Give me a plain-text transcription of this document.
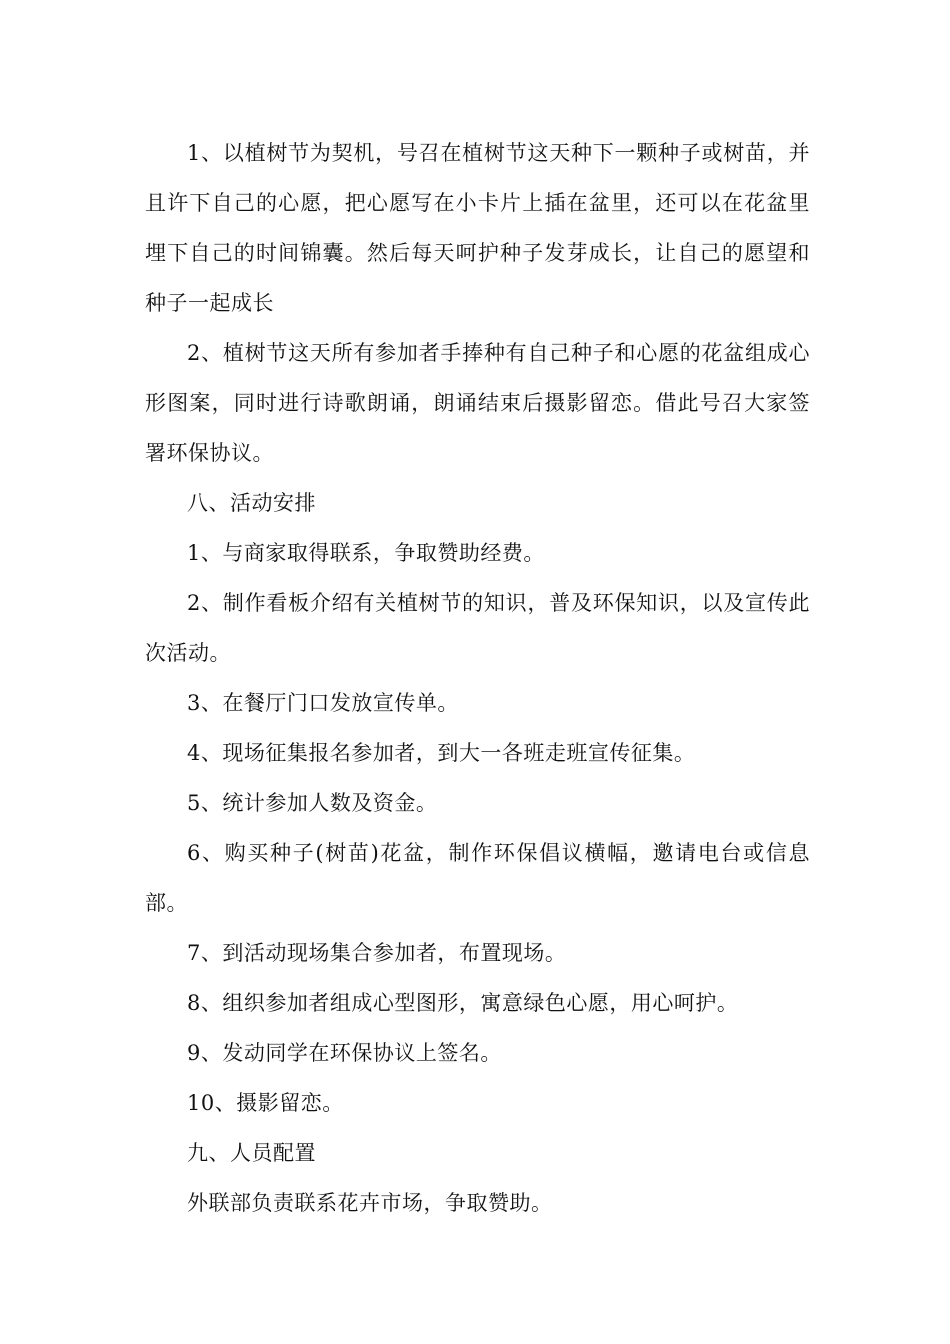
1、以植树节为契机，号召在植树节这天种下一颗种子或树苗，并且许下自己的心愿，把心愿写在小卡片上插在盆里，还可以在花盆里埋下自己的时间锦囊。然后每天呵护种子发芽成长，让自己的愿望和种子一起成长

2、植树节这天所有参加者手捧种有自己种子和心愿的花盆组成心形图案，同时进行诗歌朗诵，朗诵结束后摄影留恋。借此号召大家签署环保协议。

八、活动安排

1、与商家取得联系，争取赞助经费。

2、制作看板介绍有关植树节的知识，普及环保知识，以及宣传此次活动。

3、在餐厅门口发放宣传单。

4、现场征集报名参加者，到大一各班走班宣传征集。

5、统计参加人数及资金。

6、购买种子(树苗)花盆，制作环保倡议横幅，邀请电台或信息部。

7、到活动现场集合参加者，布置现场。

8、组织参加者组成心型图形，寓意绿色心愿，用心呵护。

9、发动同学在环保协议上签名。

10、摄影留恋。

九、人员配置

外联部负责联系花卉市场，争取赞助。
